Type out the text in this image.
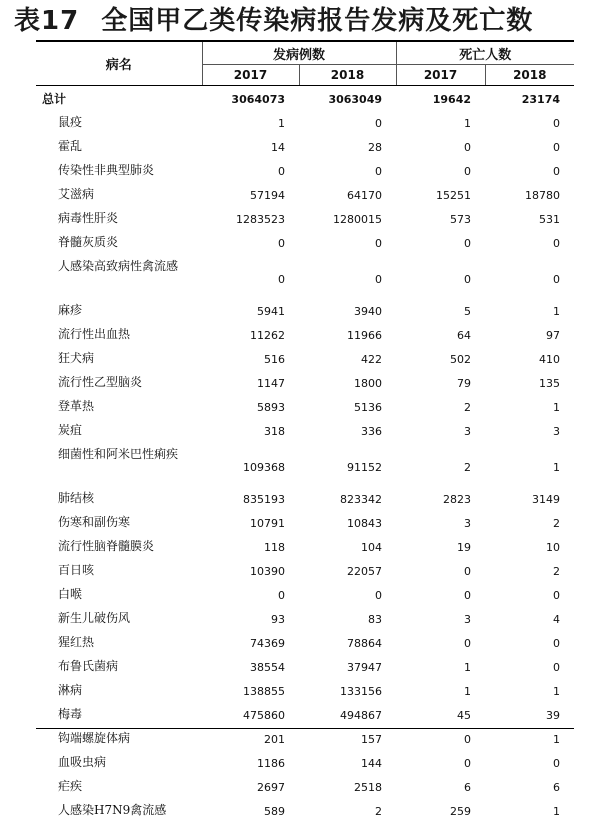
表17 全国甲乙类传染病报告发病及死亡数
病名	发病例数		死亡人数	
	2017	2018	2017	2018
总计	3064073	3063049	19642	23174
鼠疫	1	0	1	0
霍乱	14	28	0	0
传染性非典型肺炎	0	0	0	0
艾滋病	57194	64170	15251	18780
病毒性肝炎	1283523	1280015	573	531
脊髓灰质炎	0	0	0	0
人感染高致病性禽流感	0	0	0	0
麻疹	5941	3940	5	1
流行性出血热	11262	11966	64	97
狂犬病	516	422	502	410
流行性乙型脑炎	1147	1800	79	135
登革热	5893	5136	2	1
炭疽	318	336	3	3
细菌性和阿米巴性痢疾	109368	91152	2	1
肺结核	835193	823342	2823	3149
伤寒和副伤寒	10791	10843	3	2
流行性脑脊髓膜炎	118	104	19	10
百日咳	10390	22057	0	2
白喉	0	0	0	0
新生儿破伤风	93	83	3	4
猩红热	74369	78864	0	0
布鲁氏菌病	38554	37947	1	0
淋病	138855	133156	1	1
梅毒	475860	494867	45	39
钩端螺旋体病	201	157	0	1
血吸虫病	1186	144	0	0
疟疾	2697	2518	6	6
人感染H7N9禽流感	589	2	259	1
